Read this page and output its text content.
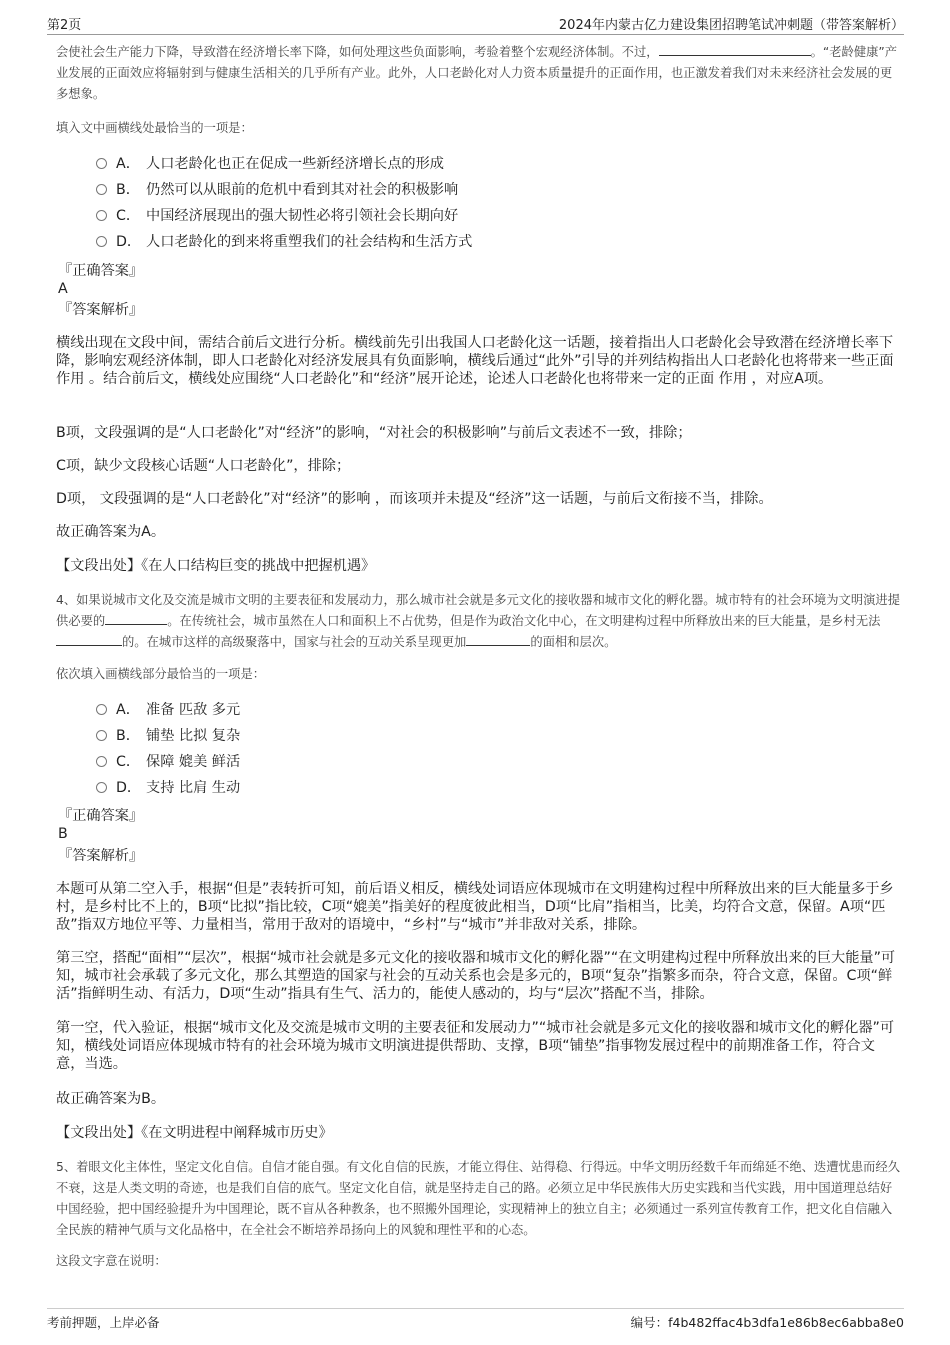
第2页	2024年内蒙古亿力建设集团招聘笔试冲刺题（带答案解析）
会使社会生产能力下降，导致潜在经济增长率下降，如何处理这些负面影响，考验着整个宏观经济体制。不过，	。“老龄健康”产业发展的正面效应将辐射到与健康生活相关的几乎所有产业。此外，人口老龄化对人力资本质量提升的正面作用，也正激发着我们对未来经济社会发展的更多想象。
填入文中画横线处最恰当的一项是：
A． 人口老龄化也正在促成一些新经济增长点的形成
B． 仍然可以从眼前的危机中看到其对社会的积极影响
C． 中国经济展现出的强大韧性必将引领社会长期向好
D． 人口老龄化的到来将重塑我们的社会结构和生活方式
『正确答案』
A
『答案解析』
横线出现在文段中间，需结合前后文进行分析。横线前先引出我国人口老龄化这一话题，接着指出人口老龄化会导致潜在经济增长率下降，影响宏观经济体制，即人口老龄化对经济发展具有负面影响，横线后通过“此外”引导的并列结构指出人口老龄化也将带来一些正面 作用 。结合前后文，横线处应围绕“人口老龄化”和“经济”展开论述，论述人口老龄化也将带来一定的正面 作用 ，对应A项。
B项，文段强调的是“人口老龄化”对“经济”的影响，“对社会的积极影响”与前后文表述不一致，排除；
C项，缺少文段核心话题“人口老龄化”，排除；
D项， 文段强调的是“人口老龄化”对“经济”的影响 ，而该项并未提及“经济”这一话题，与前后文衔接不当，排除。
故正确答案为A。
【文段出处】《在人口结构巨变的挑战中把握机遇》
4、如果说城市文化及交流是城市文明的主要表征和发展动力，那么城市社会就是多元文化的接收器和城市文化的孵化器。城市特有的社会环境为文明演进提供必要的	。在传统社会，城市虽然在人口和面积上不占优势，但是作为政治文化中心，在文明建构过程中所释放出来的巨大能量，是乡村无法的。在城市这样的高级聚落中，国家与社会的互动关系呈现更加	的面相和层次。
依次填入画横线部分最恰当的一项是：
A． 准备 匹敌 多元
B． 铺垫 比拟 复杂
C． 保障 媲美 鲜活
D． 支持 比肩 生动
『正确答案』
B
『答案解析』
本题可从第二空入手，根据“但是”表转折可知，前后语义相反，横线处词语应体现城市在文明建构过程中所释放出来的巨大能量多于乡村，是乡村比不上的，B项“比拟”指比较，C项“媲美”指美好的程度彼此相当，D项“比肩”指相当，比美，均符合文意，保留。A项“匹敌”指双方地位平等、力量相当，常用于敌对的语境中，“乡村”与“城市”并非敌对关系，排除。
第三空，搭配“面相”“层次”，根据“城市社会就是多元文化的接收器和城市文化的孵化器”“在文明建构过程中所释放出来的巨大能量”可知，城市社会承载了多元文化，那么其塑造的国家与社会的互动关系也会是多元的，B项“复杂”指繁多而杂，符合文意，保留。C项“鲜活”指鲜明生动、有活力，D项“生动”指具有生气、活力的，能使人感动的，均与“层次”搭配不当，排除。
第一空，代入验证，根据“城市文化及交流是城市文明的主要表征和发展动力”“城市社会就是多元文化的接收器和城市文化的孵化器”可知，横线处词语应体现城市特有的社会环境为城市文明演进提供帮助、支撑，B项“铺垫”指事物发展过程中的前期准备工作，符合文意，当选。
故正确答案为B。
【文段出处】《在文明进程中阐释城市历史》
5、着眼文化主体性，坚定文化自信。自信才能自强。有文化自信的民族，才能立得住、站得稳、行得远。中华文明历经数千年而绵延不绝、迭遭忧患而经久不衰，这是人类文明的奇迹，也是我们自信的底气。坚定文化自信，就是坚持走自己的路。必须立足中华民族伟大历史实践和当代实践，用中国道理总结好中国经验，把中国经验提升为中国理论，既不盲从各种教条，也不照搬外国理论，实现精神上的独立自主；必须通过一系列宣传教育工作，把文化自信融入全民族的精神气质与文化品格中，在全社会不断培养昂扬向上的风貌和理性平和的心态。
这段文字意在说明：
考前押题，上岸必备	编号：f4b482ffac4b3dfa1e86b8ec6abba8e0
